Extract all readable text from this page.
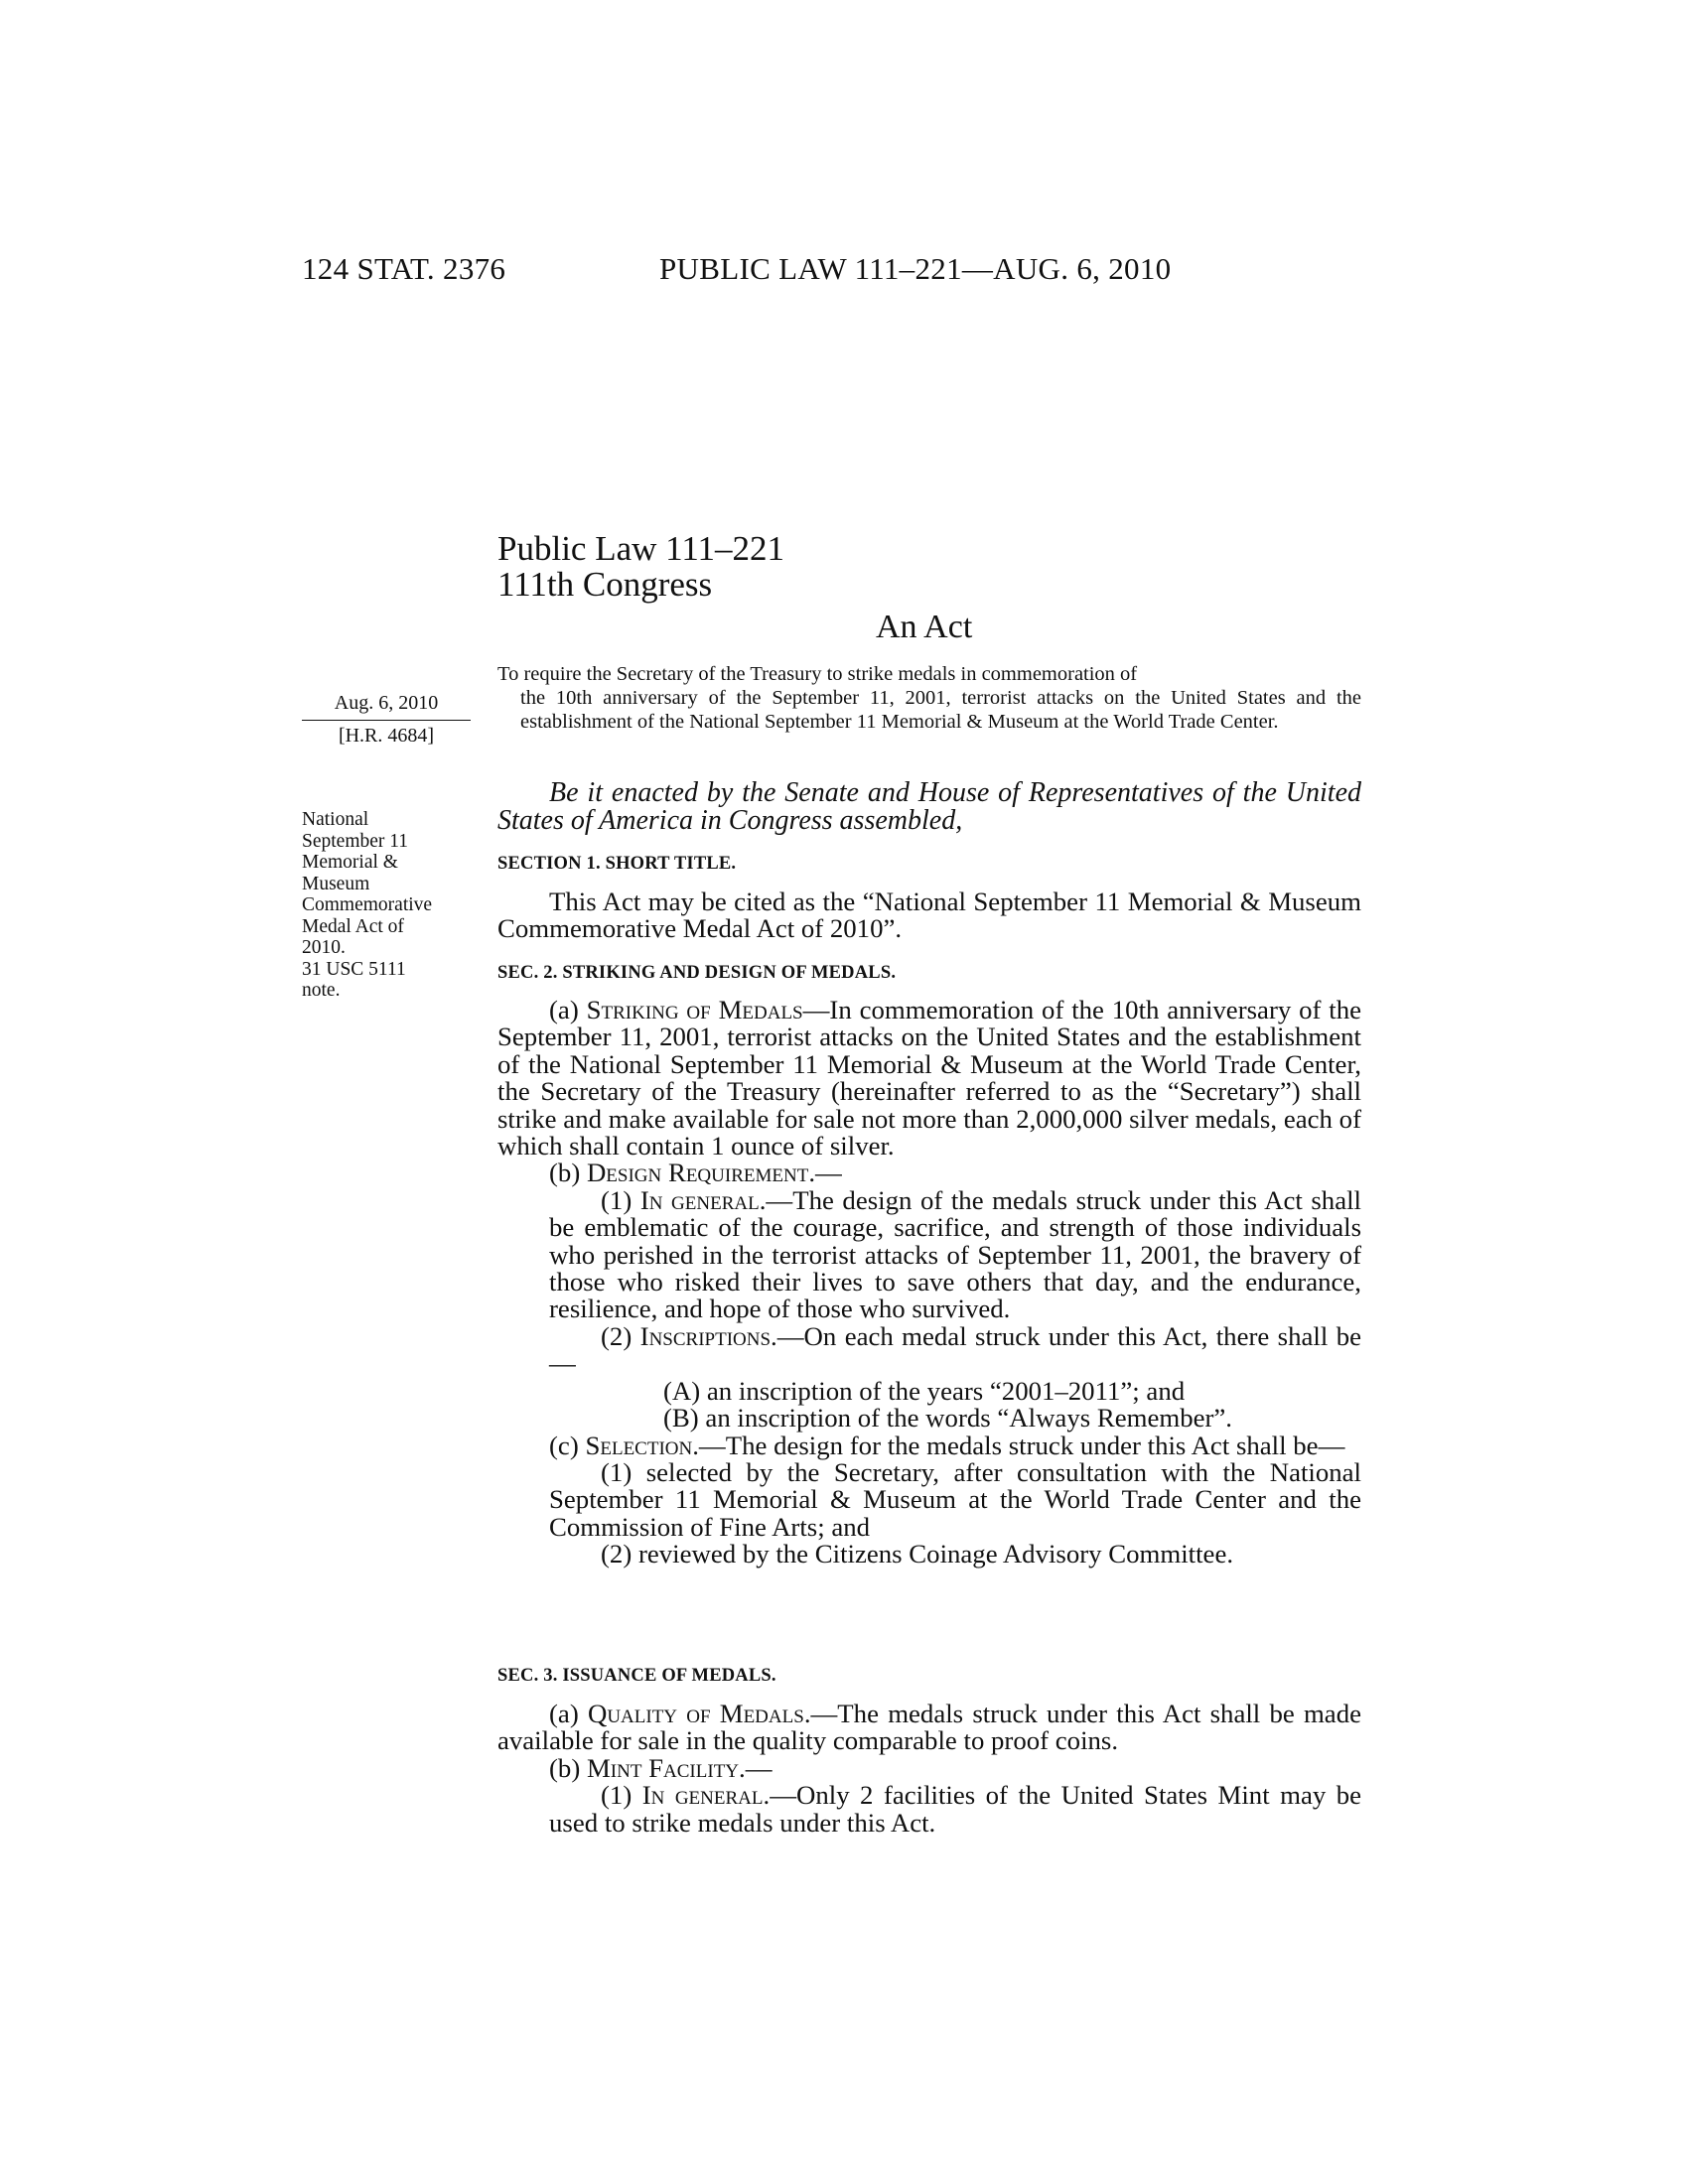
124 STAT. 2376	PUBLIC LAW 111–221—AUG. 6, 2010
Public Law 111–221
111th Congress
An Act
Aug. 6, 2010
[H.R. 4684]
To require the Secretary of the Treasury to strike medals in commemoration of
the 10th anniversary of the September 11, 2001, terrorist attacks on the United States and the establishment of the National September 11 Memorial & Museum at the World Trade Center.
National
September 11
Memorial &
Museum
Commemorative
Medal Act of
2010.
31 USC 5111
note.
Be it enacted by the Senate and House of Representatives of the United States of America in Congress assembled,
SECTION 1. SHORT TITLE.

This Act may be cited as the “National September 11 Memorial & Museum Commemorative Medal Act of 2010”.

SEC. 2. STRIKING AND DESIGN OF MEDALS.

(a) Striking of Medals—In commemoration of the 10th anniversary of the September 11, 2001, terrorist attacks on the United States and the establishment of the National September 11 Memorial & Museum at the World Trade Center, the Secretary of the Treasury (hereinafter referred to as the “Secretary”) shall strike and make available for sale not more than 2,000,000 silver medals, each of which shall contain 1 ounce of silver.

(b) Design Requirement.—

(1) In general.—The design of the medals struck under this Act shall be emblematic of the courage, sacrifice, and strength of those individuals who perished in the terrorist attacks of September 11, 2001, the bravery of those who risked their lives to save others that day, and the endurance, resilience, and hope of those who survived.

(2) Inscriptions.—On each medal struck under this Act, there shall be—

(A) an inscription of the years “2001–2011”; and

(B) an inscription of the words “Always Remember”.

(c) Selection.—The design for the medals struck under this Act shall be—

(1) selected by the Secretary, after consultation with the National September 11 Memorial & Museum at the World Trade Center and the Commission of Fine Arts; and

(2) reviewed by the Citizens Coinage Advisory Committee.

SEC. 3. ISSUANCE OF MEDALS.

(a) Quality of Medals.—The medals struck under this Act shall be made available for sale in the quality comparable to proof coins.

(b) Mint Facility.—

(1) In general.—Only 2 facilities of the United States Mint may be used to strike medals under this Act.
